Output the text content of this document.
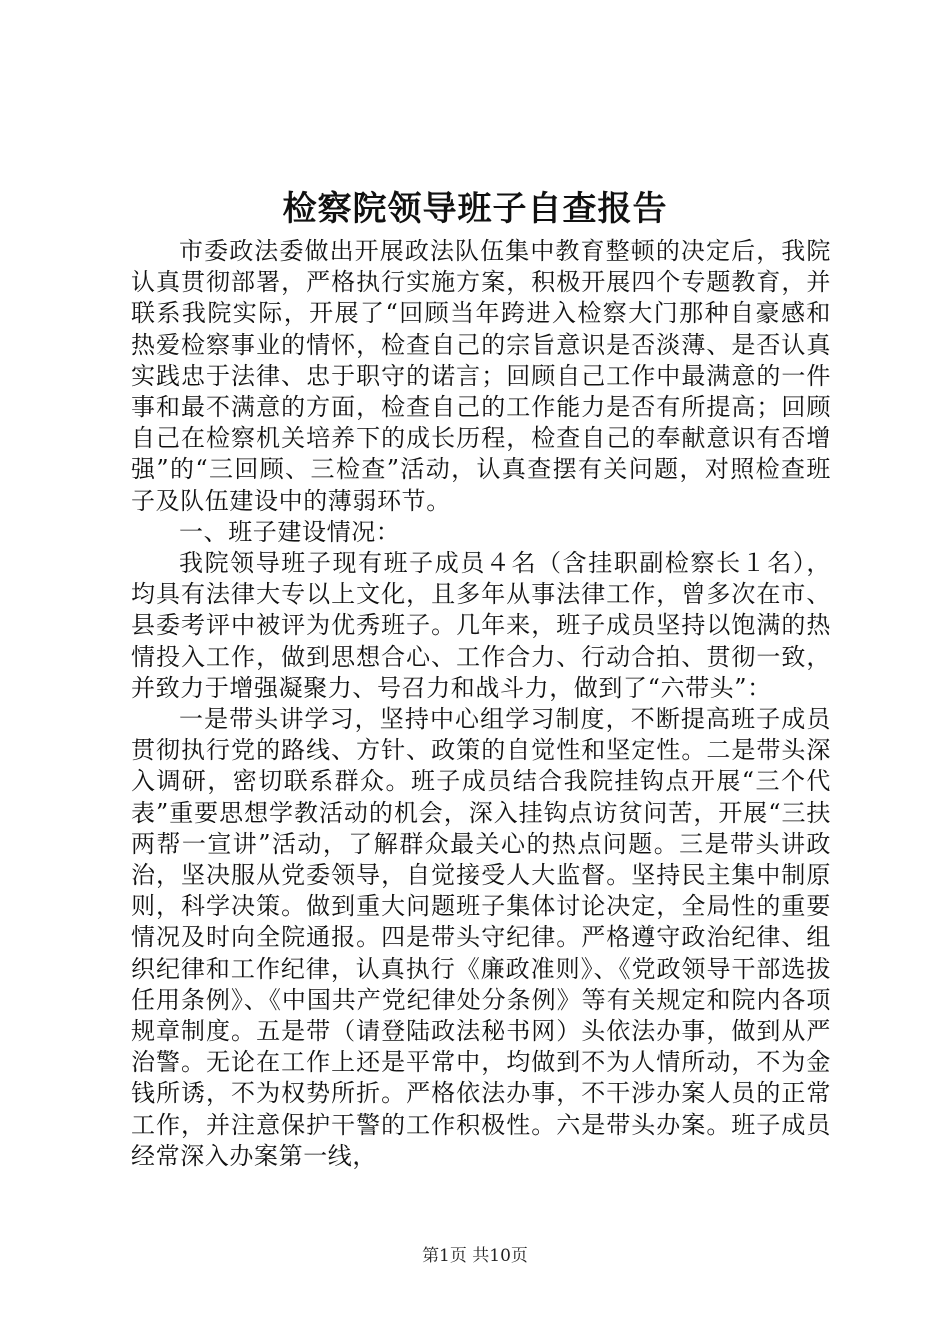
检察院领导班子自查报告

市委政法委做出开展政法队伍集中教育整顿的决定后，我院认真贯彻部署，严格执行实施方案，积极开展四个专题教育，并联系我院实际，开展了“回顾当年跨进入检察大门那种自豪感和热爱检察事业的情怀，检查自己的宗旨意识是否淡薄、是否认真实践忠于法律、忠于职守的诺言；回顾自己工作中最满意的一件事和最不满意的方面，检查自己的工作能力是否有所提高；回顾自己在检察机关培养下的成长历程，检查自己的奉献意识有否增强”的“三回顾、三检查”活动，认真查摆有关问题，对照检查班子及队伍建设中的薄弱环节。

一、班子建设情况：

我院领导班子现有班子成员４名（含挂职副检察长１名），均具有法律大专以上文化，且多年从事法律工作，曾多次在市、县委考评中被评为优秀班子。几年来，班子成员坚持以饱满的热情投入工作，做到思想合心、工作合力、行动合拍、贯彻一致，并致力于增强凝聚力、号召力和战斗力，做到了“六带头”：

一是带头讲学习，坚持中心组学习制度，不断提高班子成员贯彻执行党的路线、方针、政策的自觉性和坚定性。二是带头深入调研，密切联系群众。班子成员结合我院挂钩点开展“三个代表”重要思想学教活动的机会，深入挂钩点访贫问苦，开展“三扶两帮一宣讲”活动，了解群众最关心的热点问题。三是带头讲政治，坚决服从党委领导，自觉接受人大监督。坚持民主集中制原则，科学决策。做到重大问题班子集体讨论决定，全局性的重要情况及时向全院通报。四是带头守纪律。严格遵守政治纪律、组织纪律和工作纪律，认真执行《廉政准则》、《党政领导干部选拔任用条例》、《中国共产党纪律处分条例》等有关规定和院内各项规章制度。五是带（请登陆政法秘书网）头依法办事，做到从严治警。无论在工作上还是平常中，均做到不为人情所动，不为金钱所诱，不为权势所折。严格依法办事，不干涉办案人员的正常工作，并注意保护干警的工作积极性。六是带头办案。班子成员经常深入办案第一线，

第1页 共10页
